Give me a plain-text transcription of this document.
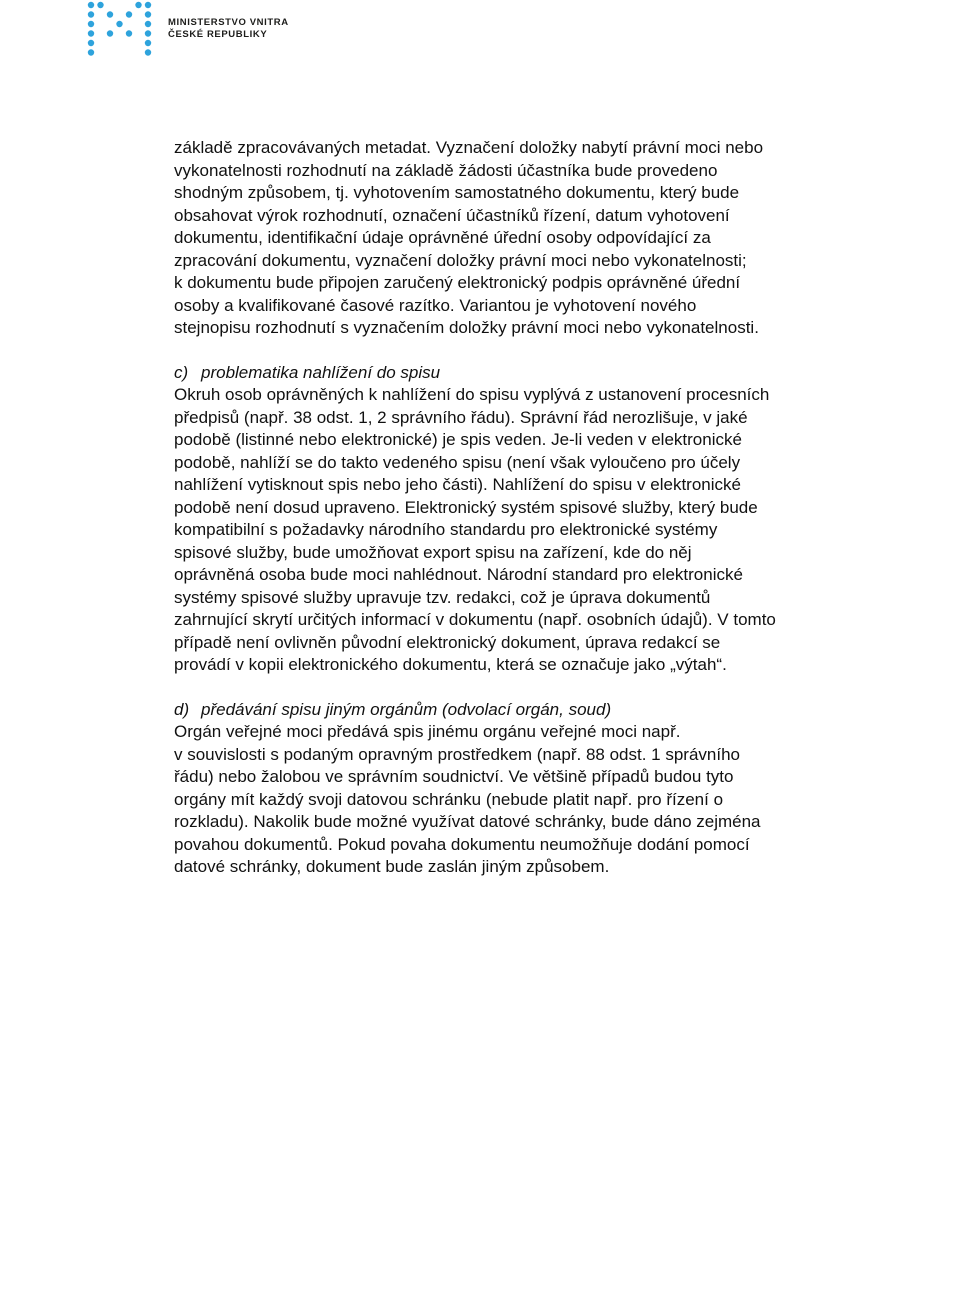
MINISTERSTVO VNITRA
ČESKÉ REPUBLIKY

základě zpracovávaných metadat. Vyznačení doložky nabytí právní moci nebo

vykonatelnosti rozhodnutí na základě žádosti účastníka bude provedeno

shodným způsobem, tj. vyhotovením samostatného dokumentu, který bude

obsahovat výrok rozhodnutí, označení účastníků řízení, datum vyhotovení

dokumentu, identifikační údaje oprávněné úřední osoby odpovídající za

zpracování dokumentu, vyznačení doložky právní moci nebo vykonatelnosti;

k dokumentu bude připojen zaručený elektronický podpis oprávněné úřední

osoby a kvalifikované časové razítko. Variantou je vyhotovení nového

stejnopisu rozhodnutí s vyznačením doložky právní moci nebo vykonatelnosti.

c) problematika nahlížení do spisu

Okruh osob oprávněných k nahlížení do spisu vyplývá z ustanovení procesních

předpisů (např. 38 odst. 1, 2 správního řádu). Správní řád nerozlišuje, v jaké

podobě (listinné nebo elektronické) je spis veden. Je-li veden v elektronické

podobě, nahlíží se do takto vedeného spisu (není však vyloučeno pro účely

nahlížení vytisknout spis nebo jeho části). Nahlížení do spisu v elektronické

podobě není dosud upraveno. Elektronický systém spisové služby, který bude

kompatibilní s požadavky národního standardu pro elektronické systémy

spisové služby, bude umožňovat export spisu na zařízení, kde do něj

oprávněná osoba bude moci nahlédnout. Národní standard pro elektronické

systémy spisové služby upravuje tzv. redakci, což je úprava dokumentů

zahrnující skrytí určitých informací v dokumentu (např. osobních údajů). V tomto

případě není ovlivněn původní elektronický dokument, úprava redakcí se

provádí v kopii elektronického dokumentu, která se označuje jako „výtah“.

d) předávání spisu jiným orgánům (odvolací orgán, soud)

Orgán veřejné moci předává spis jinému orgánu veřejné moci např.

v souvislosti s podaným opravným prostředkem (např. 88 odst. 1 správního

řádu) nebo žalobou ve správním soudnictví. Ve většině případů budou tyto

orgány mít každý svoji datovou schránku (nebude platit např. pro řízení o

rozkladu). Nakolik bude možné využívat datové schránky, bude dáno zejména

povahou dokumentů. Pokud povaha dokumentu neumožňuje dodání pomocí

datové schránky, dokument bude zaslán jiným způsobem.
